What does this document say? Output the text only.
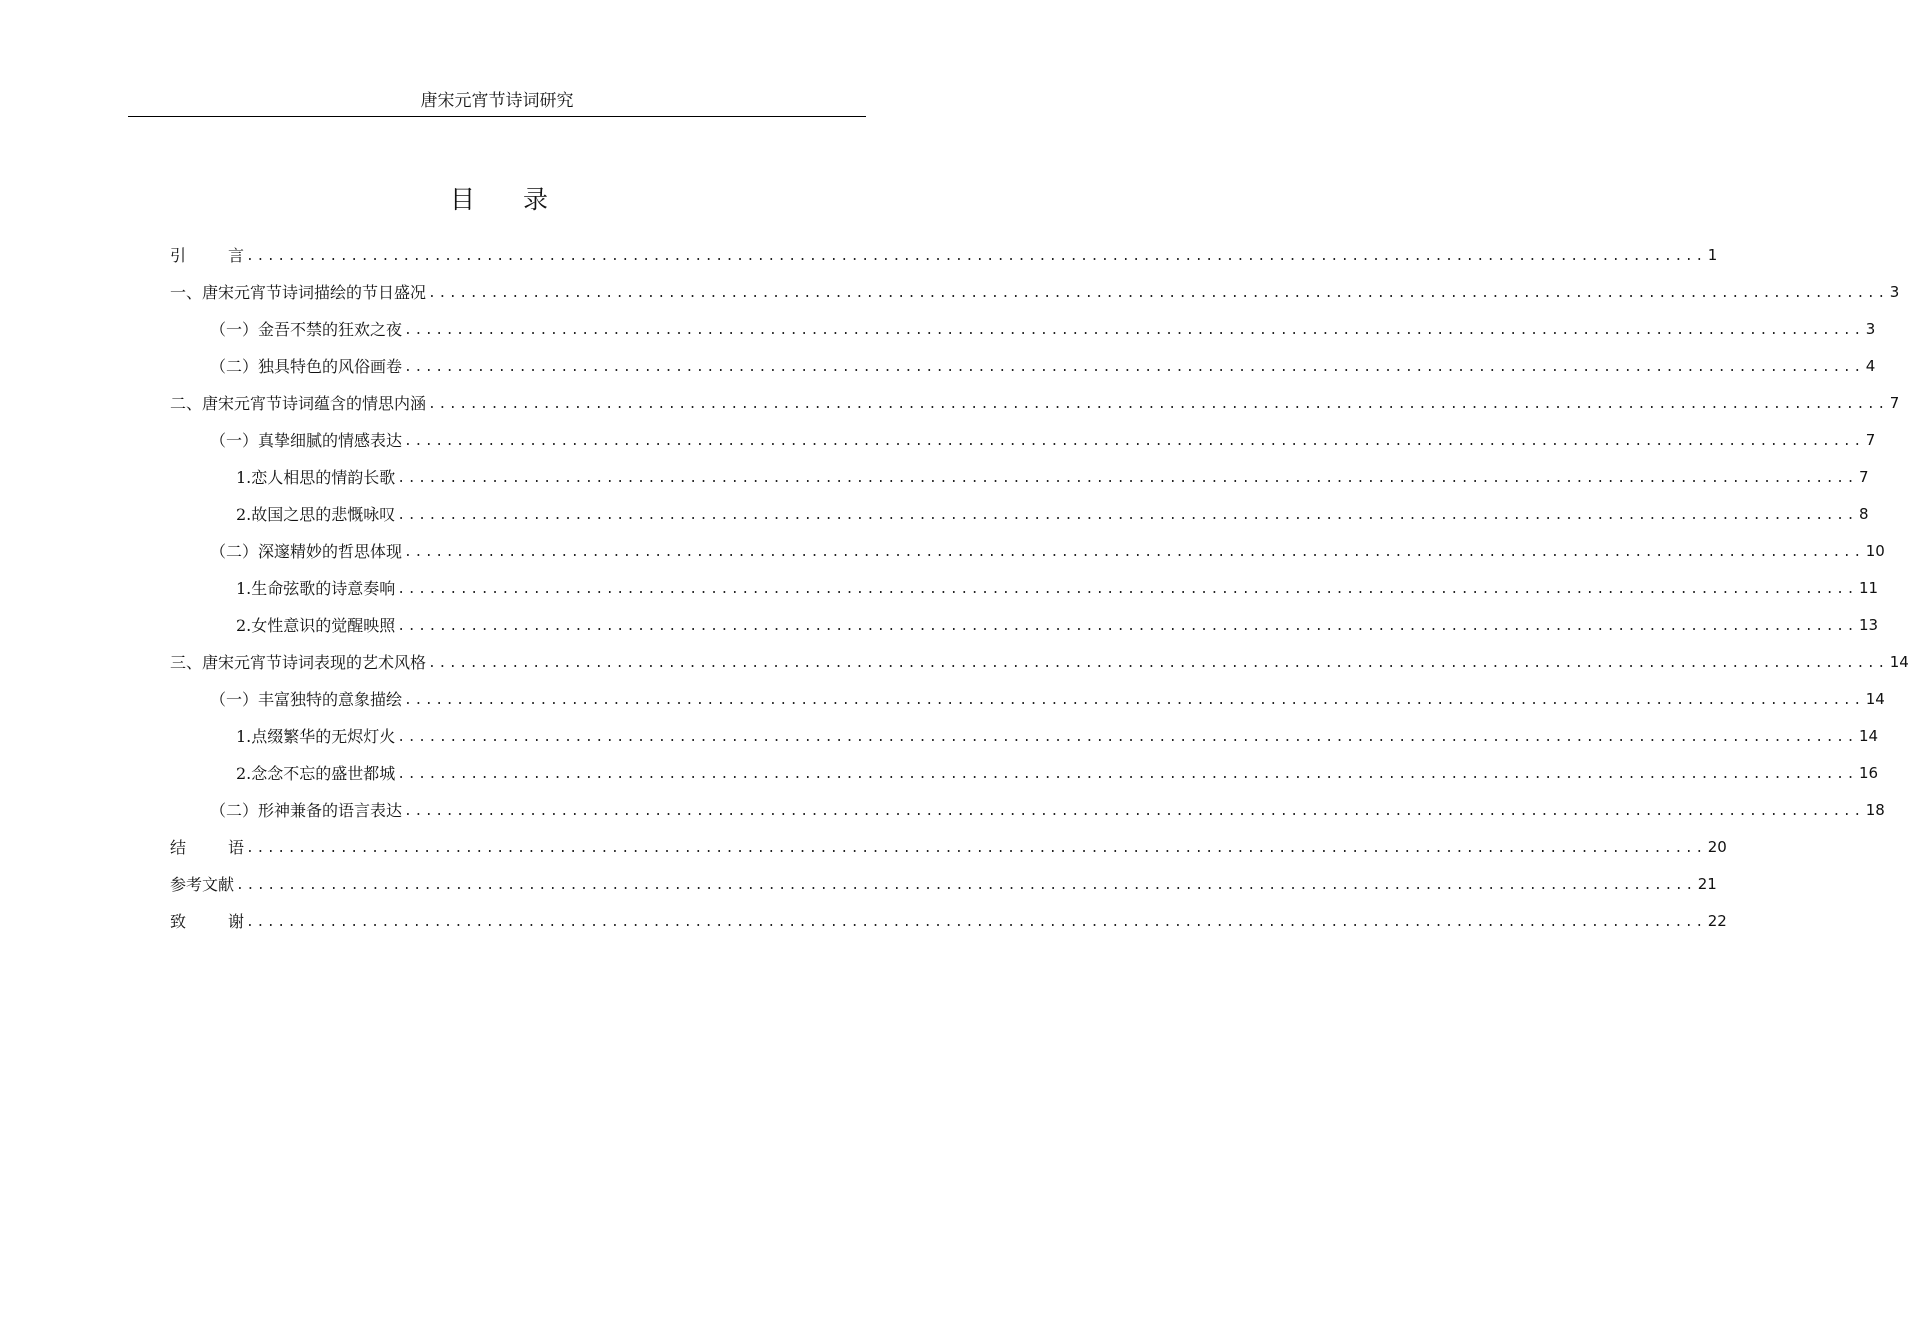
唐宋元宵节诗词研究
目 录
引	言 ............................................................................................................................................ 1
一、唐宋元宵节诗词描绘的节日盛况 ............................................................................................................................................ 3
（一）金吾不禁的狂欢之夜 ............................................................................................................................................ 3
（二）独具特色的风俗画卷 ............................................................................................................................................ 4
二、唐宋元宵节诗词蕴含的情思内涵 ............................................................................................................................................ 7
（一）真挚细腻的情感表达 ............................................................................................................................................ 7
1.恋人相思的情韵长歌 ............................................................................................................................................ 7
2.故国之思的悲慨咏叹 ............................................................................................................................................ 8
（二）深邃精妙的哲思体现 ............................................................................................................................................ 10
1.生命弦歌的诗意奏响 ............................................................................................................................................ 11
2.女性意识的觉醒映照 ............................................................................................................................................ 13
三、唐宋元宵节诗词表现的艺术风格 ............................................................................................................................................ 14
（一）丰富独特的意象描绘 ............................................................................................................................................ 14
1.点缀繁华的无烬灯火 ............................................................................................................................................ 14
2.念念不忘的盛世都城 ............................................................................................................................................ 16
（二）形神兼备的语言表达 ............................................................................................................................................ 18
结	语 ............................................................................................................................................ 20
参考文献 ............................................................................................................................................ 21
致	谢 ............................................................................................................................................ 22
